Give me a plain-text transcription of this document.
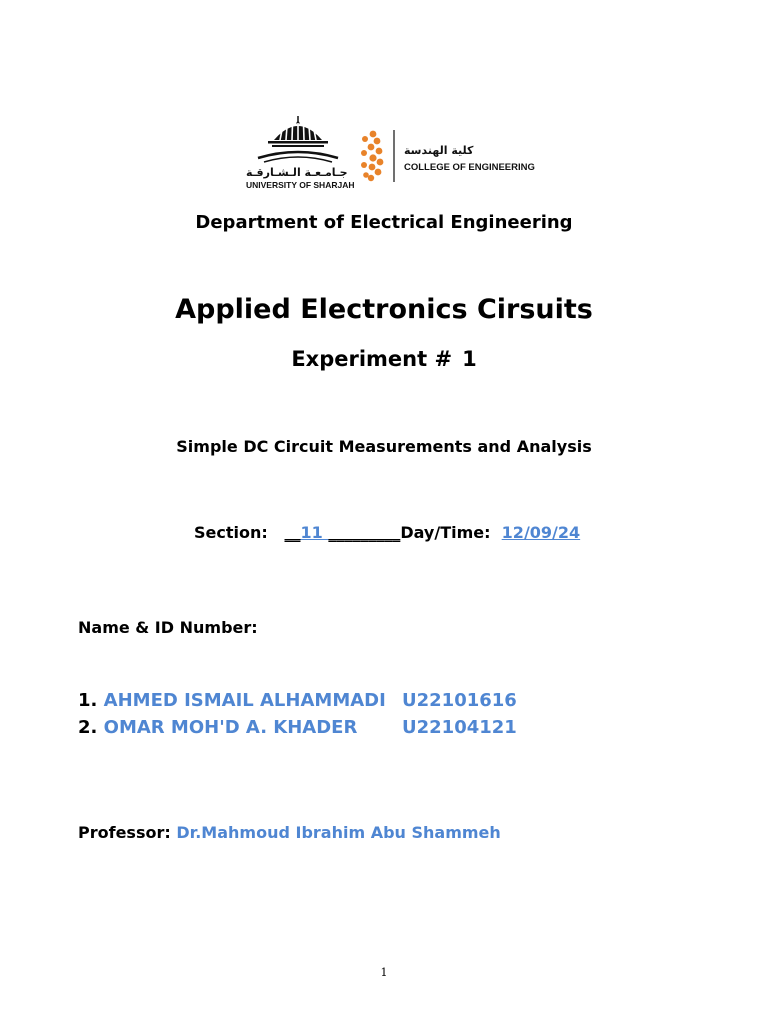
جـامـعـة الـشـارقـة
UNIVERSITY OF SHARJAH
كلية الهندسة
COLLEGE OF ENGINEERING
Department of Electrical Engineering
Applied Electronics Cirsuits
Experiment # 1
Simple DC Circuit Measurements and Analysis
Section: __11 _________Day/Time: 12/09/24
Name & ID Number:
1. AHMED ISMAIL ALHAMMADI U22101616
2. OMAR MOH'D A. KHADER U22104121
Professor: Dr.Mahmoud Ibrahim Abu Shammeh
1
